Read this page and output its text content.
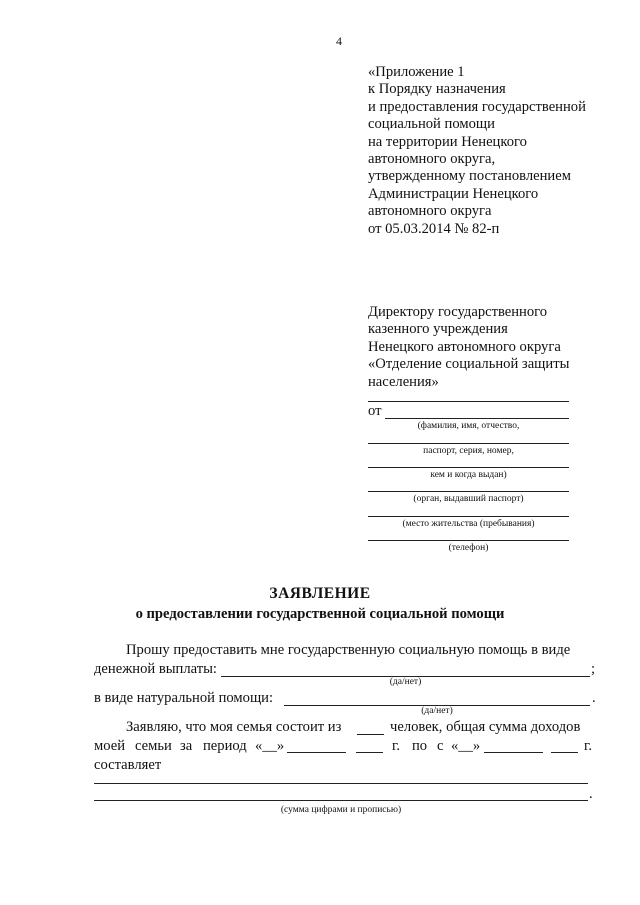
4
«Приложение 1
к Порядку назначения
и предоставления государственной
социальной помощи
на территории Ненецкого
автономного округа,
утвержденному постановлением
Администрации Ненецкого
автономного округа
от 05.03.2014 № 82-п
Директору государственного
казенного учреждения
Ненецкого автономного округа
«Отделение социальной защиты
населения»
от
(фамилия, имя, отчество,
паспорт, серия, номер,
кем и когда выдан)
(орган, выдавший паспорт)
(место жительства (пребывания)
(телефон)
ЗАЯВЛЕНИЕ
о предоставлении государственной социальной помощи
Прошу предоставить мне государственную социальную помощь в виде
денежной выплаты:	;
(да/нет)
в виде натуральной помощи:	.
(да/нет)
Заявляю, что моя семья состоит из	человек, общая сумма доходов
моей семьи за период «__»	г. по с «__»	г.
составляет
.
(сумма цифрами и прописью)
